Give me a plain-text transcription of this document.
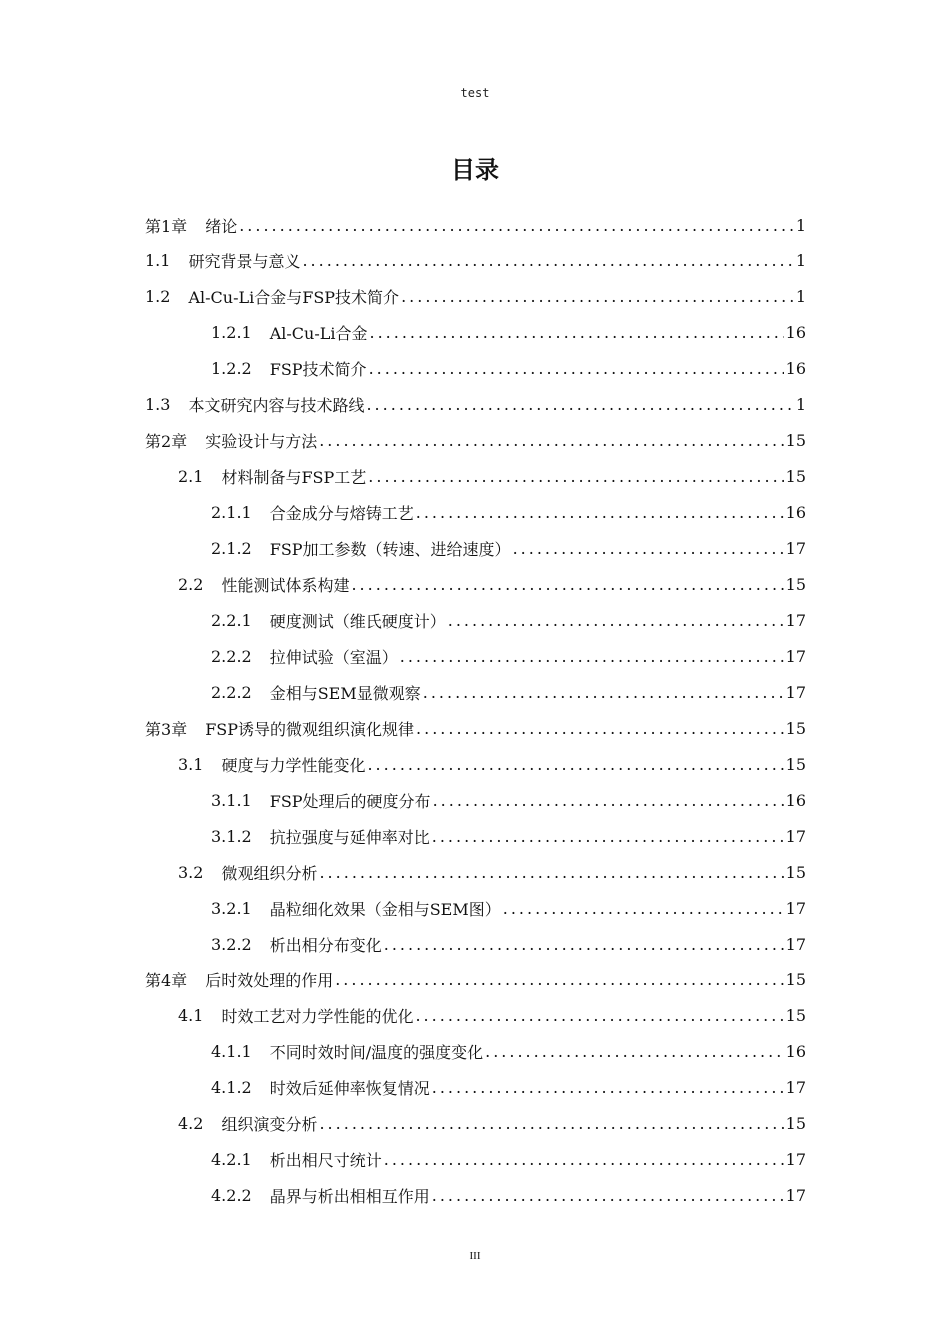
test
目录
第1章 绪论 .....	1
1.1 研究背景与意义 .....	1
1.2 Al-Cu-Li合金与FSP技术简介 .....	1
1.2.1 Al-Cu-Li合金 .....	16
1.2.2 FSP技术简介 .....	16
1.3 本文研究内容与技术路线 .....	1
第2章 实验设计与方法 .....	15
2.1 材料制备与FSP工艺 .....	15
2.1.1 合金成分与熔铸工艺 .....	16
2.1.2 FSP加工参数（转速、进给速度） .....	17
2.2 性能测试体系构建 .....	15
2.2.1 硬度测试（维氏硬度计） .....	17
2.2.2 拉伸试验（室温） .....	17
2.2.2 金相与SEM显微观察 .....	17
第3章 FSP诱导的微观组织演化规律 .....	15
3.1 硬度与力学性能变化 .....	15
3.1.1 FSP处理后的硬度分布 .....	16
3.1.2 抗拉强度与延伸率对比 .....	17
3.2 微观组织分析 .....	15
3.2.1 晶粒细化效果（金相与SEM图） .....	17
3.2.2 析出相分布变化 .....	17
第4章 后时效处理的作用 .....	15
4.1 时效工艺对力学性能的优化 .....	15
4.1.1 不同时效时间/温度的强度变化 .....	16
4.1.2 时效后延伸率恢复情况 .....	17
4.2 组织演变分析 .....	15
4.2.1 析出相尺寸统计 .....	17
4.2.2 晶界与析出相相互作用 .....	17
III
